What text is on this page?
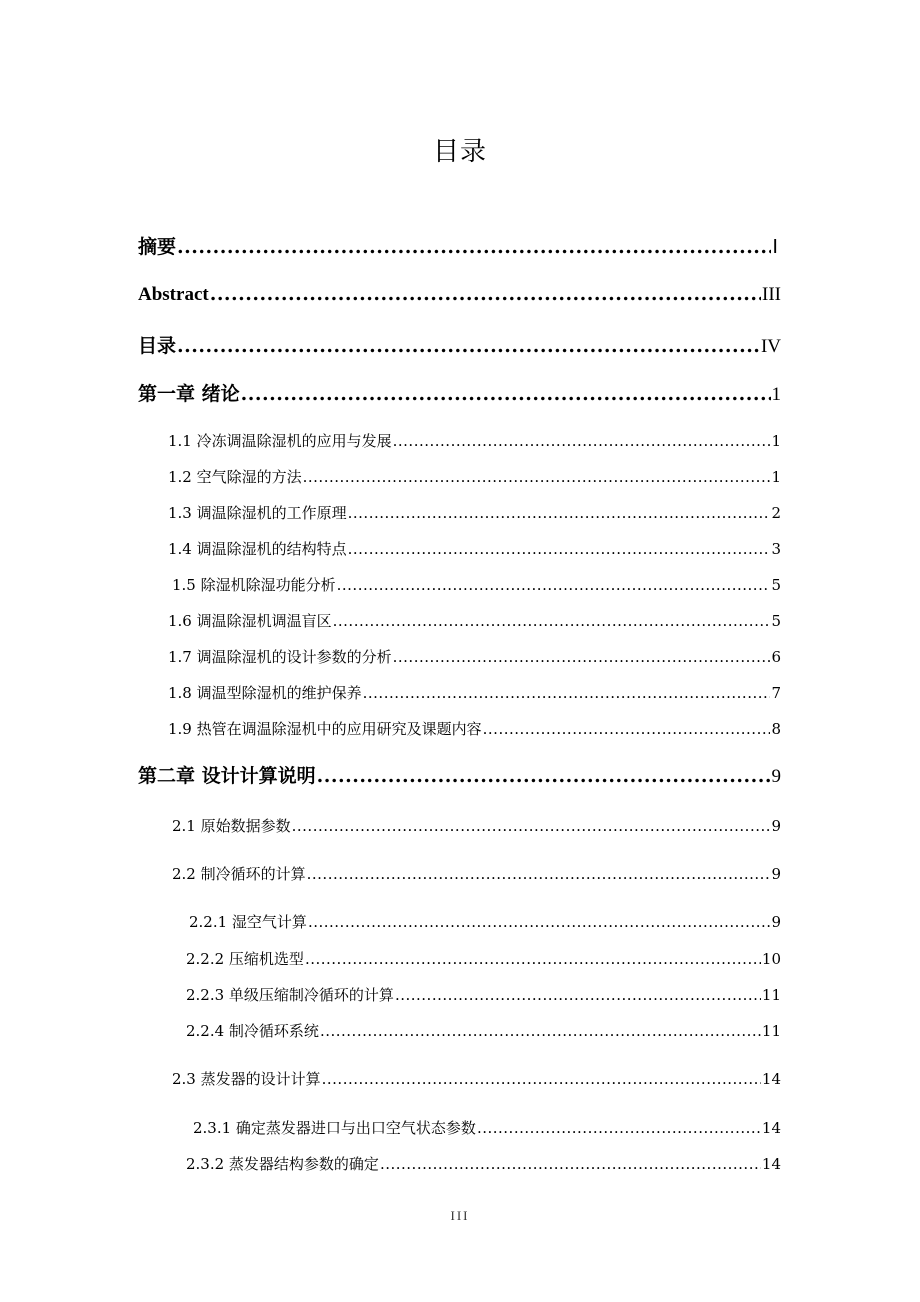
目录
摘要 .....	Ⅰ
Abstract .....	III
目录 .....	IV
第一章 绪论 .....	1
1.1 冷冻调温除湿机的应用与发展 .....	1
1.2 空气除湿的方法 .....	1
1.3 调温除湿机的工作原理 .....	2
1.4 调温除湿机的结构特点 .....	3
1.5 除湿机除湿功能分析 .....	5
1.6 调温除湿机调温盲区 .....	5
1.7 调温除湿机的设计参数的分析 .....	6
1.8 调温型除湿机的维护保养 .....	7
1.9 热管在调温除湿机中的应用研究及课题内容 .....	8
第二章 设计计算说明 .....	9
2.1 原始数据参数 .....	9
2.2 制冷循环的计算 .....	9
2.2.1 湿空气计算 .....	9
2.2.2 压缩机选型 .....	10
2.2.3 单级压缩制冷循环的计算 .....	11
2.2.4 制冷循环系统 .....	11
2.3 蒸发器的设计计算 .....	14
2.3.1 确定蒸发器进口与出口空气状态参数 .....	14
2.3.2 蒸发器结构参数的确定 .....	14
III
